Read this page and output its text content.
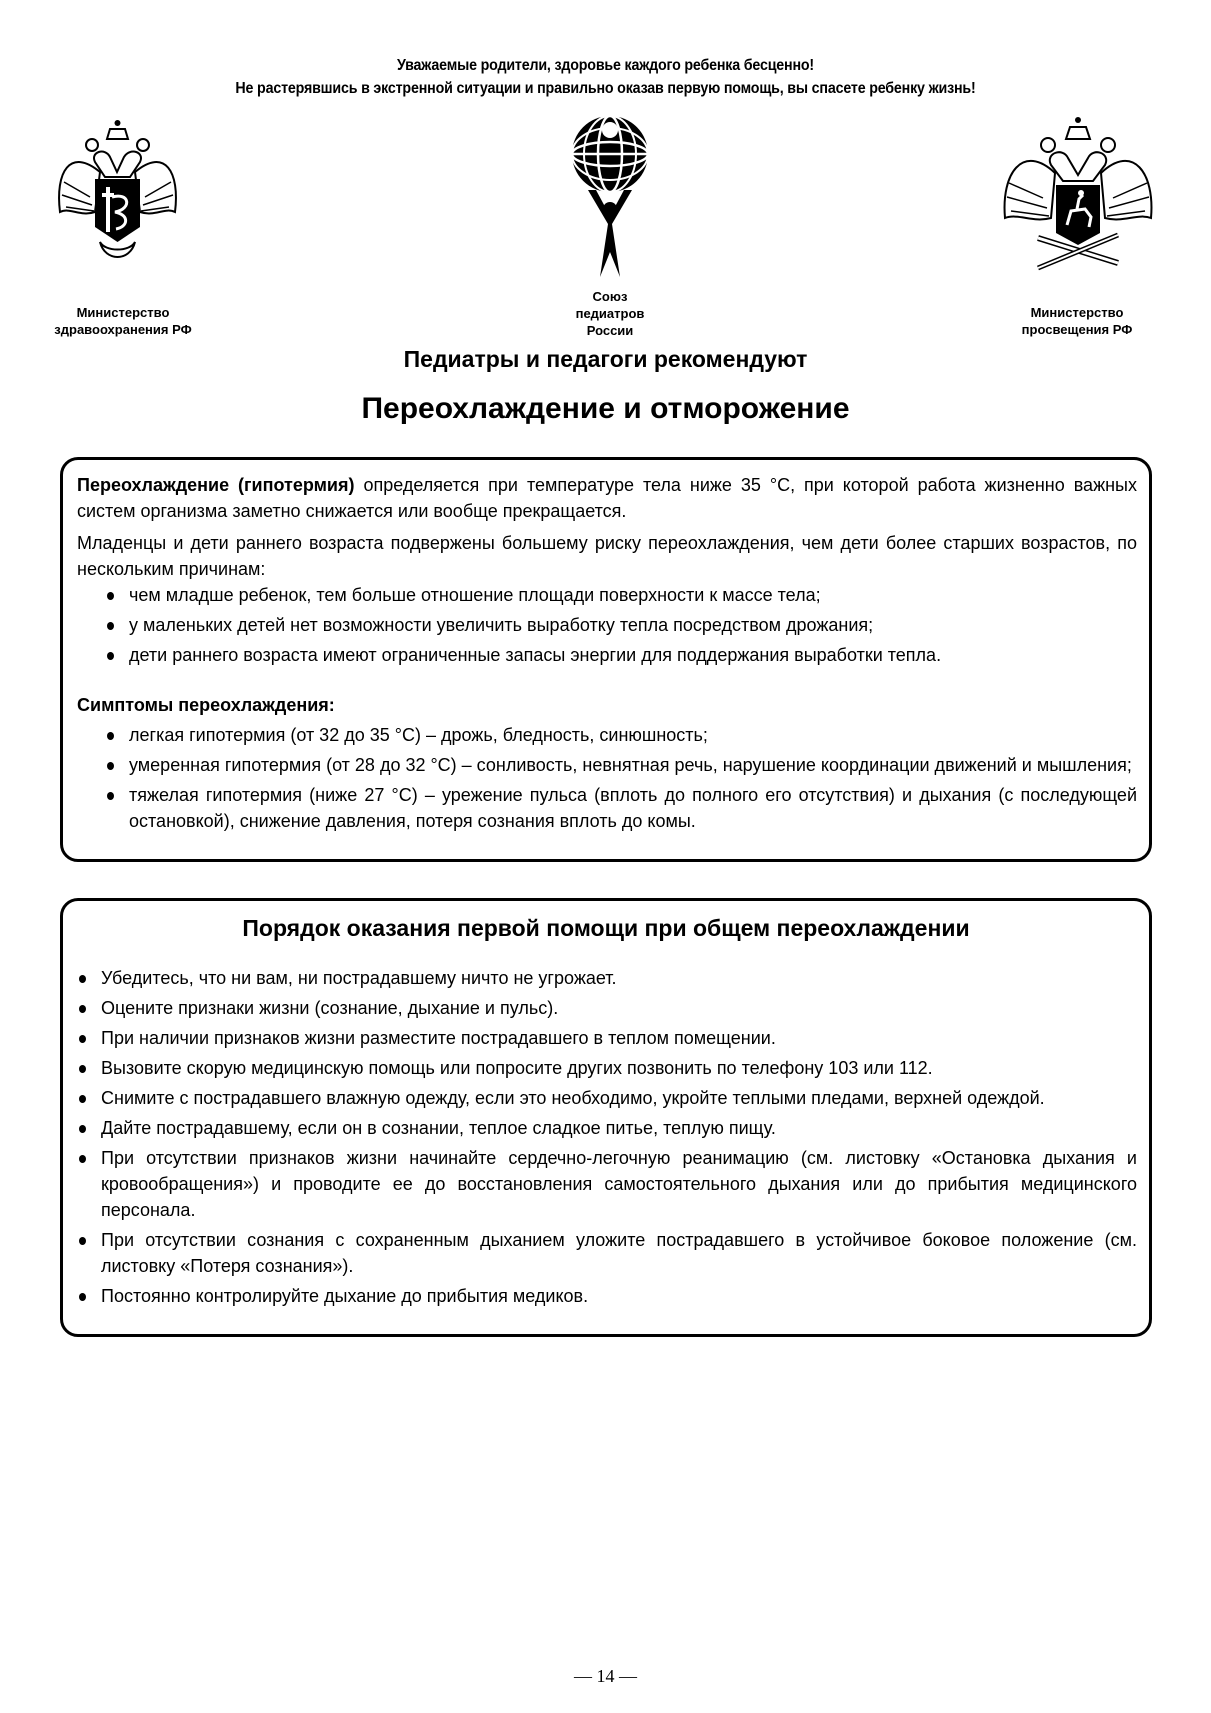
Уважаемые родители, здоровье каждого ребенка бесценно!
Не растерявшись в экстренной ситуации и правильно оказав первую помощь, вы спасете ребенку жизнь!
Министерство
здравоохранения РФ
Союз
педиатров
России
Министерство
просвещения РФ
Педиатры и педагоги рекомендуют
Переохлаждение и отморожение
Переохлаждение (гипотермия) определяется при температуре тела ниже 35 °C, при которой работа жизненно важных систем организма заметно снижается или вообще прекращается.
Младенцы и дети раннего возраста подвержены большему риску переохлаждения, чем дети более старших возрастов, по нескольким причинам:
чем младше ребенок, тем больше отношение площади поверхности к массе тела;
у маленьких детей нет возможности увеличить выработку тепла посредством дрожания;
дети раннего возраста имеют ограниченные запасы энергии для поддержания выработки тепла.
Симптомы переохлаждения:
легкая гипотермия (от 32 до 35 °C) – дрожь, бледность, синюшность;
умеренная гипотермия (от 28 до 32 °C) – сонливость, невнятная речь, нарушение координации движений и мышления;
тяжелая гипотермия (ниже 27 °C) – урежение пульса (вплоть до полного его отсутствия) и дыхания (с последующей остановкой), снижение давления, потеря сознания вплоть до комы.
Порядок оказания первой помощи при общем переохлаждении
Убедитесь, что ни вам, ни пострадавшему ничто не угрожает.
Оцените признаки жизни (сознание, дыхание и пульс).
При наличии признаков жизни разместите пострадавшего в теплом помещении.
Вызовите скорую медицинскую помощь или попросите других позвонить по телефону 103 или 112.
Снимите с пострадавшего влажную одежду, если это необходимо, укройте теплыми пледами, верхней одеждой.
Дайте пострадавшему, если он в сознании, теплое сладкое питье, теплую пищу.
При отсутствии признаков жизни начинайте сердечно-легочную реанимацию (см. листовку «Остановка дыхания и кровообращения») и проводите ее до восстановления самостоятельного дыхания или до прибытия медицинского персонала.
При отсутствии сознания с сохраненным дыханием уложите пострадавшего в устойчивое боковое положение (см. листовку «Потеря сознания»).
Постоянно контролируйте дыхание до прибытия медиков.
— 14 —
